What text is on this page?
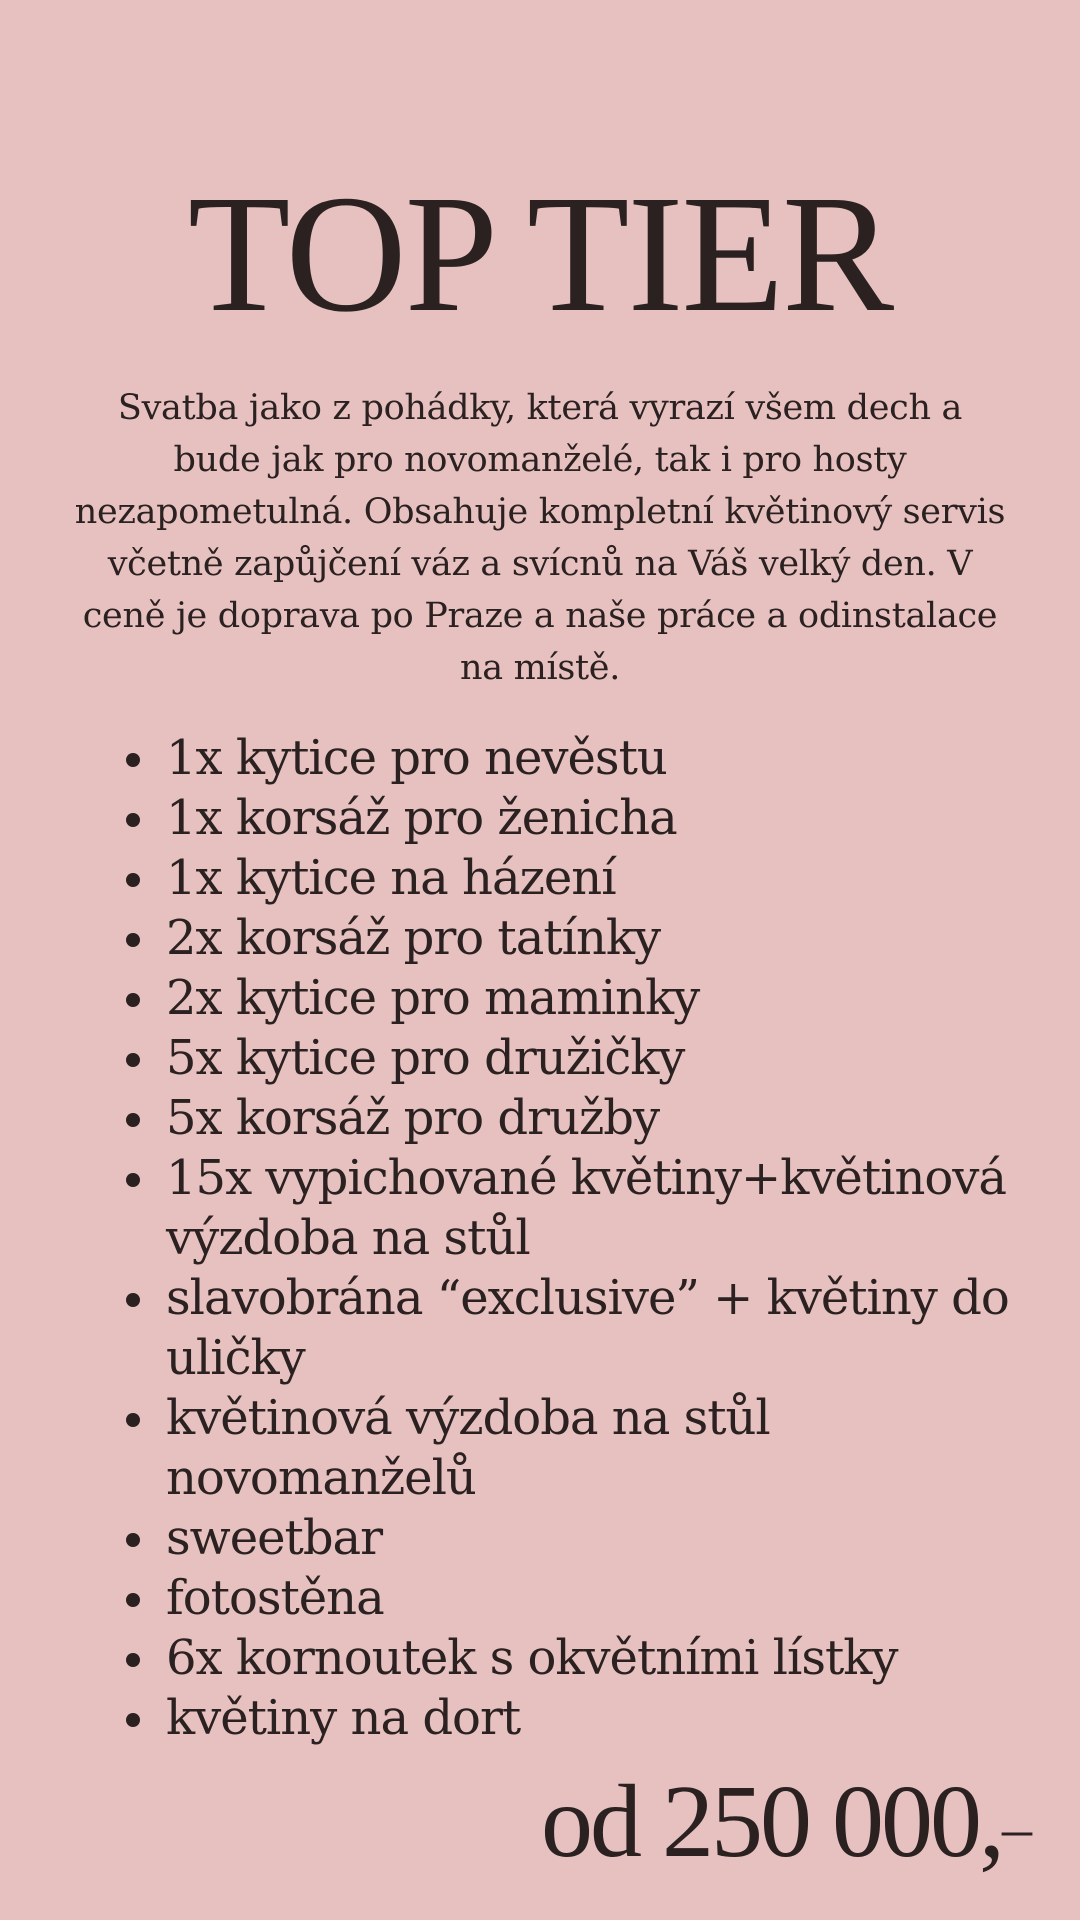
TOP TIER

Svatba jako z pohádky, která vyrazí všem dech a bude jak pro novomanželé, tak i pro hosty nezapometulná. Obsahuje kompletní květinový servis včetně zapůjčení váz a svícnů na Váš velký den. V ceně je doprava po Praze a naše práce a odinstalace na místě.

1x kytice pro nevěstu
1x korsáž pro ženicha
1x kytice na házení
2x korsáž pro tatínky
2x kytice pro maminky
5x kytice pro družičky
5x korsáž pro družby
15x vypichované květiny+květinová výzdoba na stůl
slavobrána “exclusive” + květiny do uličky
květinová výzdoba na stůl novomanželů
sweetbar
fotostěna
6x kornoutek s okvětními lístky
květiny na dort
od 250 000,–
